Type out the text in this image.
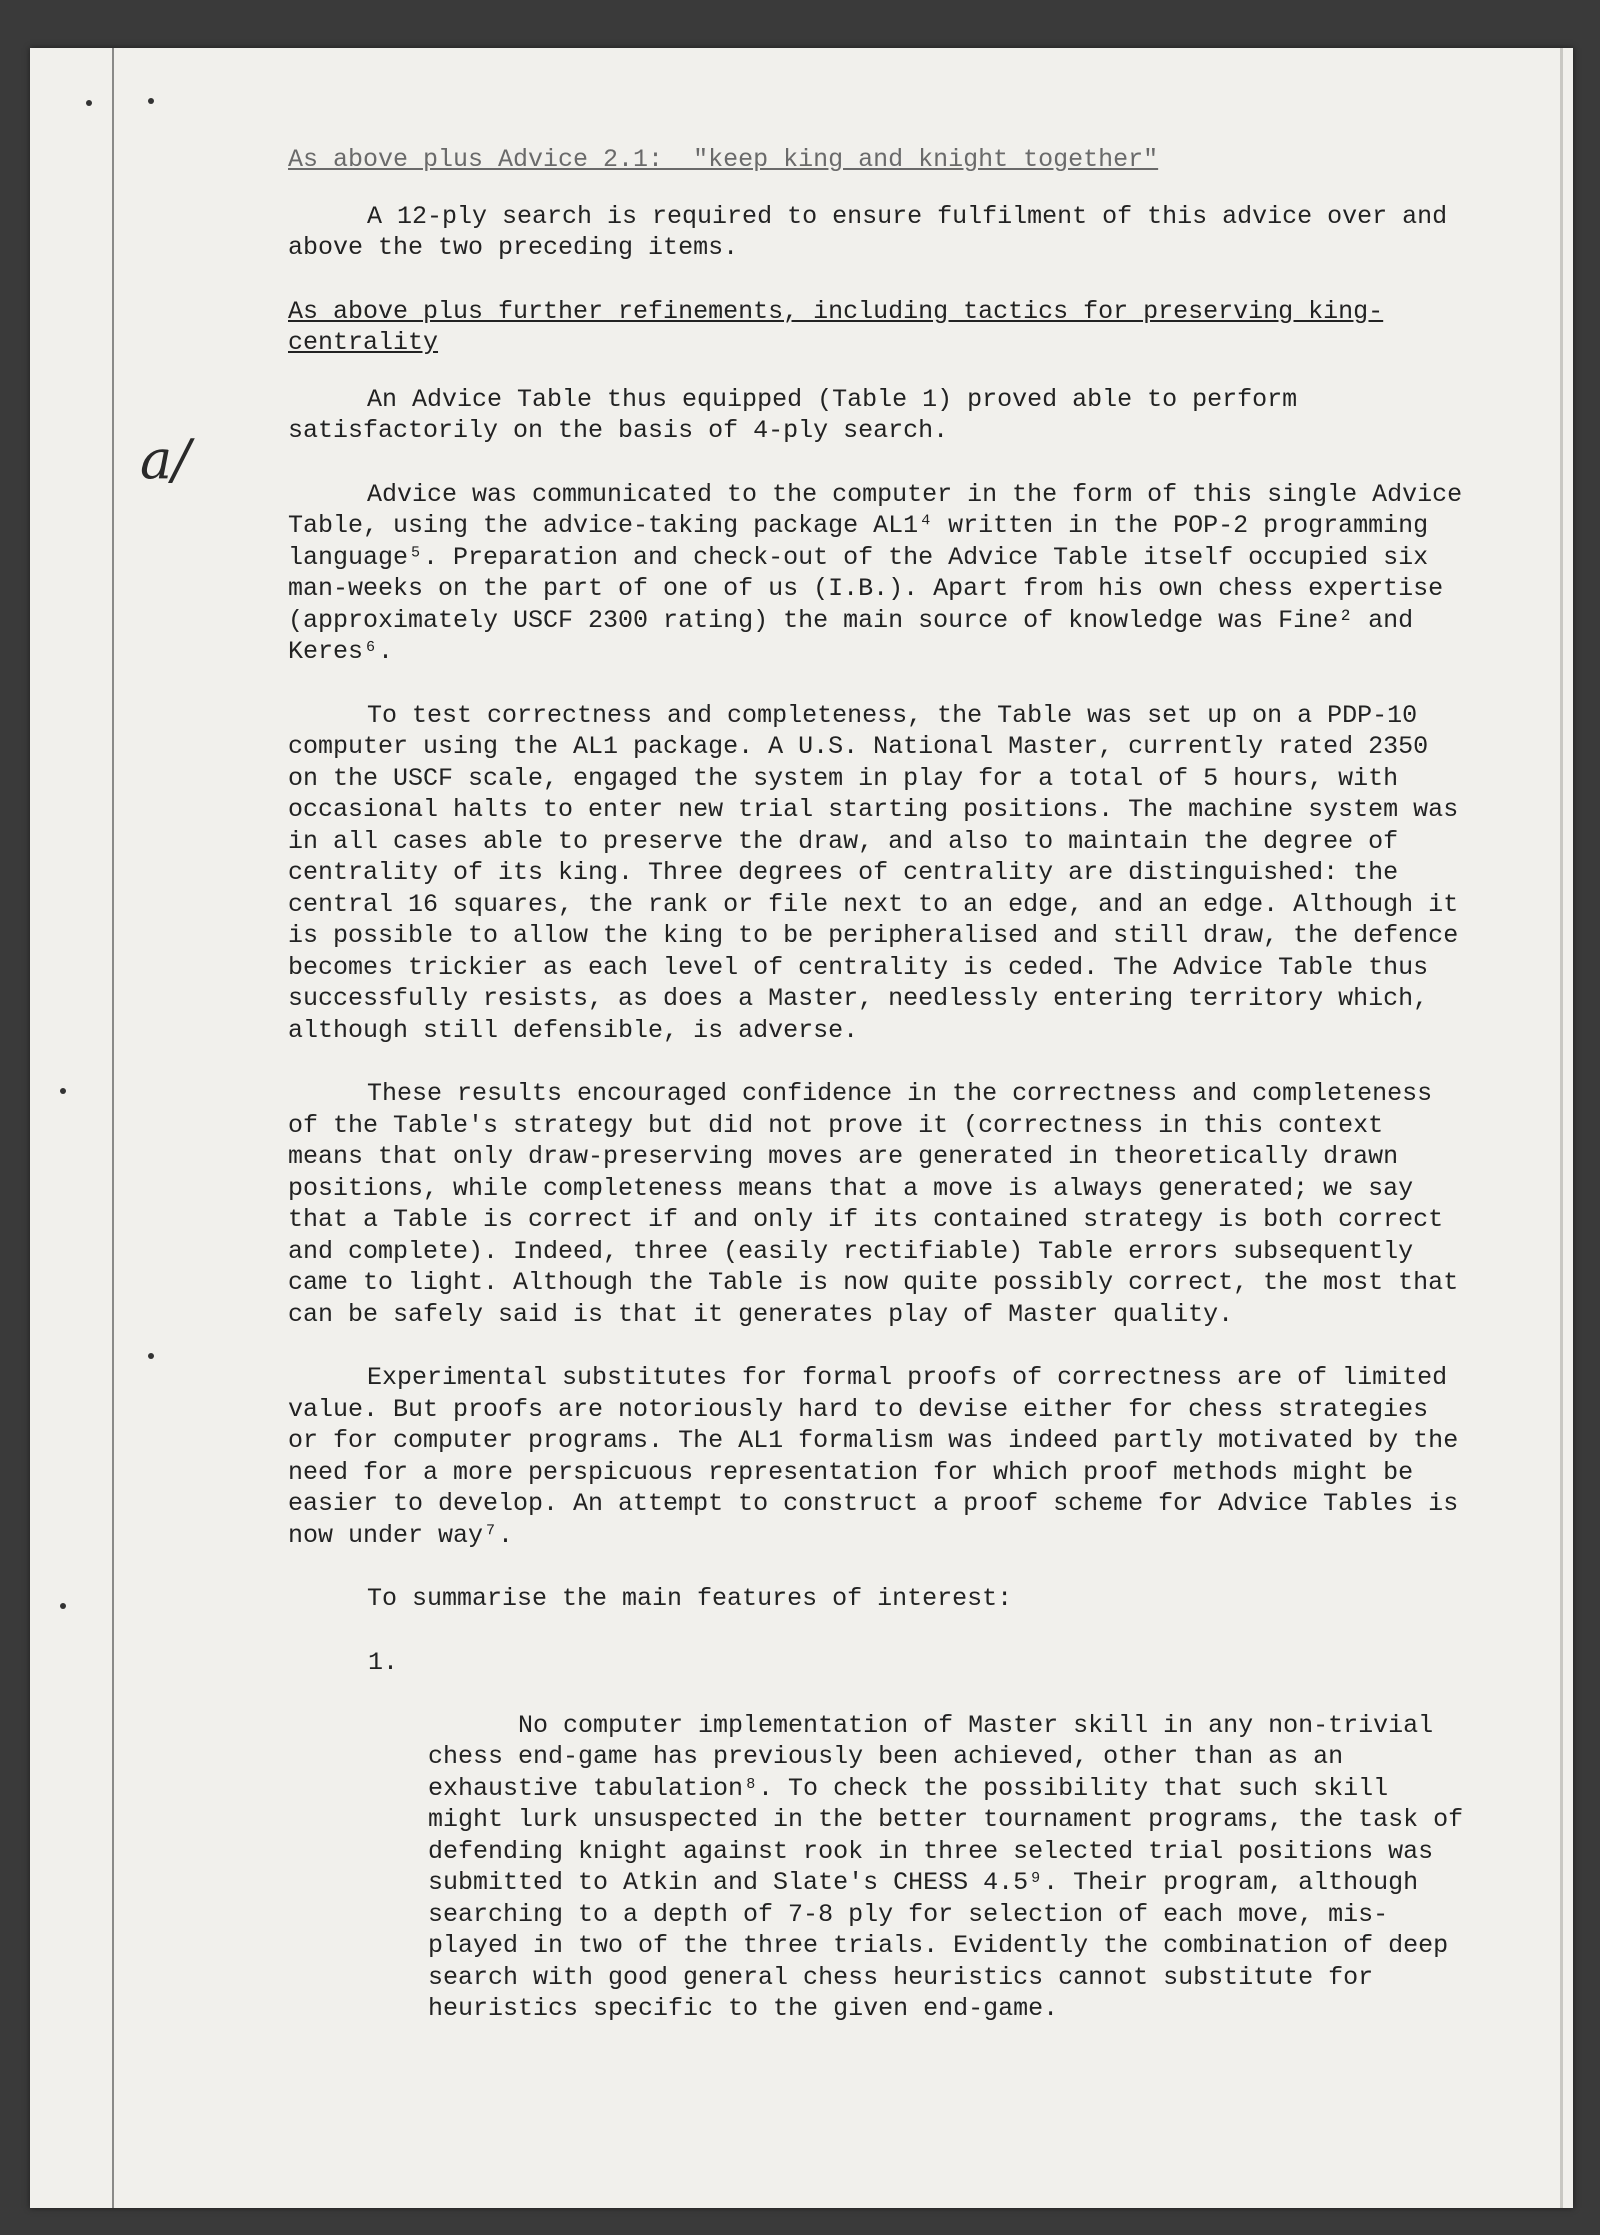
a/

As above plus Advice 2.1:  "keep king and knight together"

A 12-ply search is required to ensure fulfilment of this advice over and above the two preceding items.

As above plus further refinements, including tactics for preserving king-centrality

An Advice Table thus equipped (Table 1) proved able to perform satisfactorily on the basis of 4-ply search.

Advice was communicated to the computer in the form of this single Advice Table, using the advice-taking package AL1⁴ written in the POP-2 programming language⁵. Preparation and check-out of the Advice Table itself occupied six man-weeks on the part of one of us (I.B.). Apart from his own chess expertise (approximately USCF 2300 rating) the main source of knowledge was Fine² and Keres⁶.

To test correctness and completeness, the Table was set up on a PDP-10 computer using the AL1 package. A U.S. National Master, currently rated 2350 on the USCF scale, engaged the system in play for a total of 5 hours, with occasional halts to enter new trial starting positions. The machine system was in all cases able to preserve the draw, and also to maintain the degree of centrality of its king. Three degrees of centrality are distinguished: the central 16 squares, the rank or file next to an edge, and an edge. Although it is possible to allow the king to be peripheralised and still draw, the defence becomes trickier as each level of centrality is ceded. The Advice Table thus successfully resists, as does a Master, needlessly entering territory which, although still defensible, is adverse.

These results encouraged confidence in the correctness and completeness of the Table's strategy but did not prove it (correctness in this context means that only draw-preserving moves are generated in theoretically drawn positions, while completeness means that a move is always generated; we say that a Table is correct if and only if its contained strategy is both correct and complete). Indeed, three (easily rectifiable) Table errors subsequently came to light. Although the Table is now quite possibly correct, the most that can be safely said is that it generates play of Master quality.

Experimental substitutes for formal proofs of correctness are of limited value. But proofs are notoriously hard to devise either for chess strategies or for computer programs. The AL1 formalism was indeed partly motivated by the need for a more perspicuous representation for which proof methods might be easier to develop. An attempt to construct a proof scheme for Advice Tables is now under way⁷.

To summarise the main features of interest:

1.

No computer implementation of Master skill in any non-trivial chess end-game has previously been achieved, other than as an exhaustive tabulation⁸. To check the possibility that such skill might lurk unsuspected in the better tournament programs, the task of defending knight against rook in three selected trial positions was submitted to Atkin and Slate's CHESS 4.5⁹. Their program, although searching to a depth of 7-8 ply for selection of each move, mis-played in two of the three trials. Evidently the combination of deep search with good general chess heuristics cannot substitute for heuristics specific to the given end-game.
